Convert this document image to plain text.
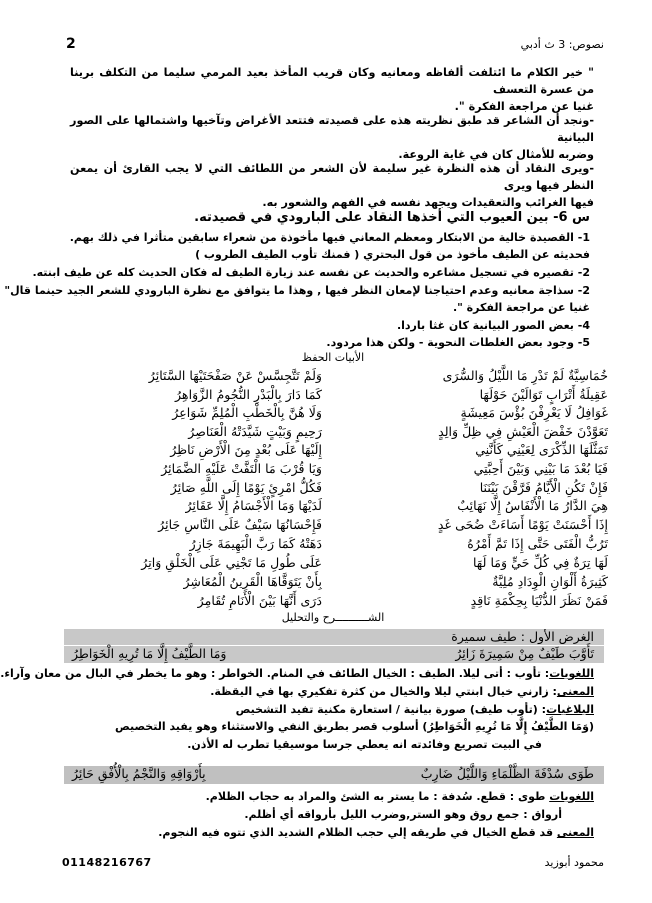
نصوص: 3 ث أدبي
2
" خير الكلام ما ائتلفت ألفاظه ومعانيه وكان قريب المأخذ بعيد المرمي سليما من التكلف برينا من عسرة التعسف
غنيا عن مراجعة الفكرة ".
-ونجد أن الشاعر قد طبق نظريته هذه على قصيدته فتتعد الأغراض وتآخيها واشتمالها على الصور البيانية
وضربه للأمثال كان في غاية الروعة.
-ويرى النقاد أن هذه النظرة غير سليمة لأن الشعر من اللطائف التي لا يجب القارئ أن يمعن النظر فيها ويرى
فيها الغرائب والتعقيدات ويجهد نفسه في الفهم والشعور به.
س 6- بين العيوب التي أخذها النقاد على البارودي في قصيدته.
1- القصيدة خالية من الابتكار ومعظم المعاني فيها مأخوذة من شعراء سابقين متأثرا في ذلك بهم.
فحديثه عن الطيف مأخوذ من قول البحتري ( فمنك تأوب الطيف الطروب )
2- تقصيره في تسجيل مشاعره والحديث عن نفسه عند زيارة الطيف له فكان الحديث كله عن طيف ابنته.
2- سذاجة معانيه وعدم احتياجنا لإمعان النظر فيها , وهذا ما يتوافق مع نظرة البارودي للشعر الجيد حينما قال"
غنيا عن مراجعة الفكرة ".
4- بعض الصور البيانية كان غثا باردا.
5- وجود بعض الغلطات النحوية - ولكن هذا مردود.
الأبيات الحفظ
خُمَاسِيَّةٌ لَمْ تَدْرِ مَا اللَّيْلُ وَالسُّرَى
وَلَمْ تَتَّجِسَّسْ عَنْ صَفْحَتَيْهَا السَّتَائِرُ
عَقِيلَةُ أَتْرَابٍ تَوَالَيْنَ حَوْلَهَا
كَمَا دَارَ بِالْبَدْرِ النُّجُومُ الزَّوَاهِرُ
غَوَافِلُ لَا يَعْرِفْنَ بُؤْسَ مَعِيشَةٍ
وَلَا هُنَّ بِالْخَطْبِ الْمُلِمِّ شَوَاعِرُ
تَعَوَّدْنَ خَفْضَ الْعَيْشِ فِي ظِلِّ وَالِدٍ
رَحِيمٍ وَبَيْتٍ شَيَّدَتْهُ الْعَنَاصِرُ
تَمَثَّلَهَا الذِّكْرَى لِعَيْنِي كَأَنَّنِي
إِلَيْهَا عَلَى بُعْدٍ مِنَ الْأَرْضِ نَاظِرُ
فَيَا بُعْدَ مَا بَيْنِي وَبَيْنَ أَحِبَّتِي
وَيَا قُرْبَ مَا الْتَفَّتْ عَلَيْهِ الضَّمَائِرُ
فَإِنْ تَكُنِ الْأَيَّامُ فَرَّقْنَ بَيْنَنَا
فَكُلُّ امْرِئٍ يَوْمًا إِلَى اللَّهِ صَائِرُ
هِيَ الدَّارُ مَا الْأَنْفَاسُ إِلَّا نَهَائِبٌ
لَدَيْهَا وَمَا الْأَجْسَامُ إِلَّا عَقَائِرُ
إِذَا أَحْسَنَتْ يَوْمًا أَسَاءَتْ ضُحَى غَدٍ
فَإِحْسَانُهَا سَيْفٌ عَلَى النَّاسِ جَائِرُ
تَرُبُّ الْفَتَى حَتَّى إِذَا تَمَّ أَمْرُهُ
دَهَتْهُ كَمَا رَبَّ الْبَهِيمَةَ جَازِرُ
لَهَا تِرَةٌ فِي كُلِّ حَيٍّ وَمَا لَهَا
عَلَى طُولِ مَا تَجْنِي عَلَى الْخَلْقِ وَاتِرُ
كَثِيرَةُ أَلْوَانِ الْوِدَادِ مُلِيَّةٌ
بِأَنْ يَتَوَقَّاهَا الْقَرِينُ الْمُعَاشِرُ
فَمَنْ نَظَرَ الدُّنْيَا بِحِكْمَةِ نَاقِدٍ
دَرَى أَنَّهَا بَيْنَ الْأَنَامِ تُقَامِرُ
الشــــــــــرح والتحليل
الغرض الأول : طيف سميرة
تَأَوَّبَ طَيْفٌ مِنْ سَمِيرَةَ زَائِرُ
وَمَا الطَّيْفُ إِلَّا مَا تُرِيهِ الْخَوَاطِرُ
اللغويات: تأوب : أتى ليلا. الطيف : الخيال الطائف في المنام. الخواطر : وهو ما يخطر في البال من معان وآراء.
المعنى: زارني خيال ابنتي ليلا والخيال من كثرة تفكيري بها في اليقظة.
البلاغيات: (تأوب طيف) صورة بيانية / استعارة مكنية تفيد التشخيص
(وَمَا الطَّيْفُ إِلَّا مَا تُرِيهِ الْخَوَاطِرُ) أسلوب قصر بطريق النفي والاستثناء وهو يفيد التخصيص
في البيت تصريع وفائدته انه يعطي جرسا موسيقيا تطرب له الأذن.
طَوَى سُدْفَةَ الظَّلْمَاءِ وَاللَّيْلُ ضَارِبٌ
بِأَرْوَاقِهِ وَالنَّجْمُ بِالْأُفْقِ حَائِرُ
اللغويات طوى : قطع. سُدفة : ما يستر به الشئ والمراد به حجاب الظلام.
أرواق : جمع روق وهو الستر,وضرب الليل بأرواقه أي أظلم.
المعنى قد قطع الخيال في طريقه إلي حجب الظلام الشديد الذي تتوه فيه النجوم.
محمود أبوزيد
01148216767
